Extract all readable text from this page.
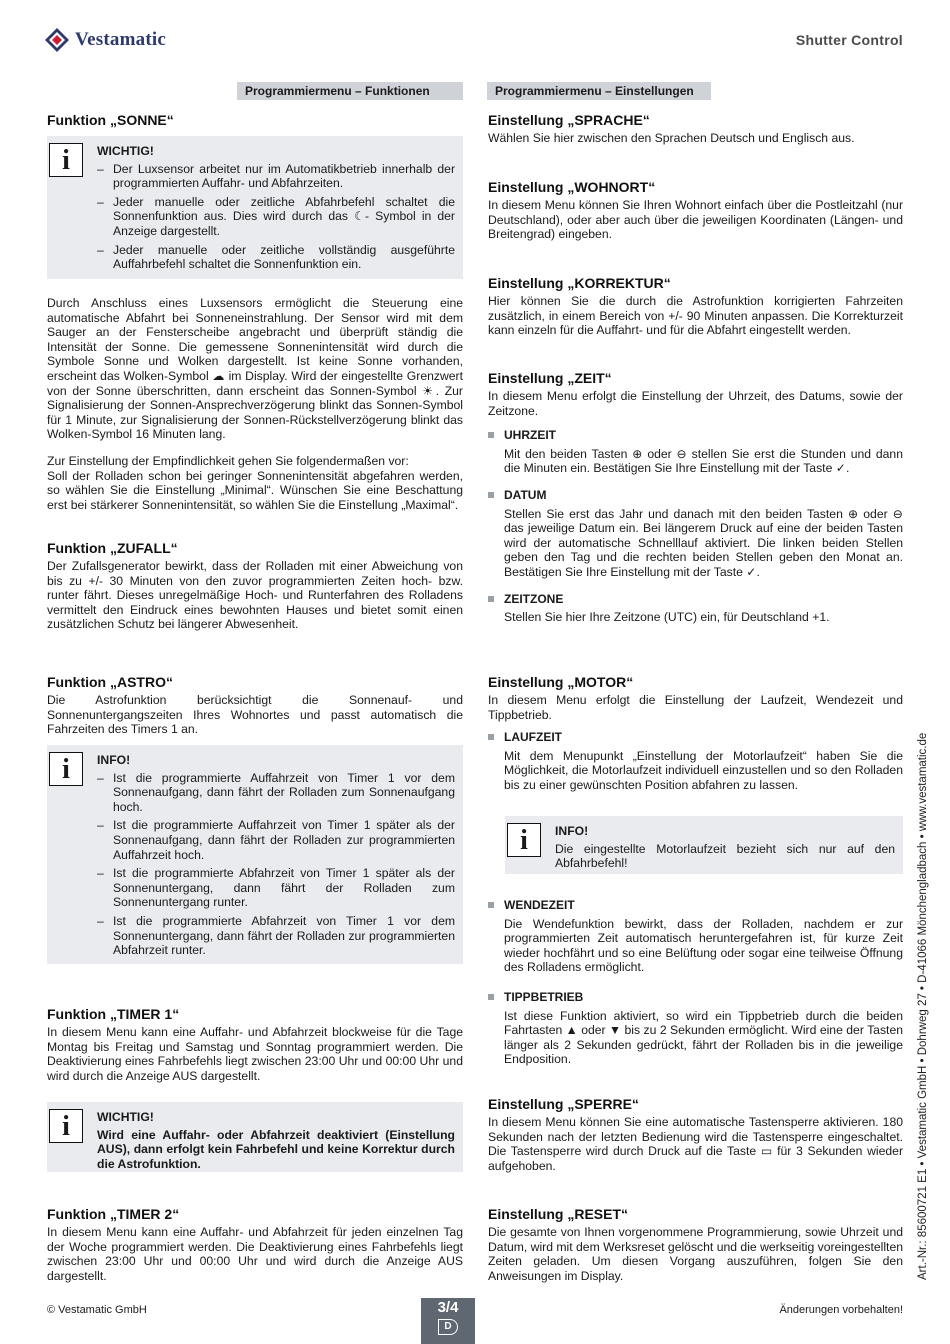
Vestamatic	Shutter Control
Programmiermenu – Funktionen	Programmiermenu – Einstellungen
Funktion „SONNE“
i	WICHTIG!
– Der Luxsensor arbeitet nur im Automatikbetrieb innerhalb der programmierten Auffahr- und Abfahrzeiten.
– Jeder manuelle oder zeitliche Abfahrbefehl schaltet die Sonnenfunktion aus. Dies wird durch das ☾- Symbol in der Anzeige dargestellt.
– Jeder manuelle oder zeitliche vollständig ausgeführte Auffahrbefehl schaltet die Sonnenfunktion ein.

Durch Anschluss eines Luxsensors ermöglicht die Steuerung eine automatische Abfahrt bei Sonneneinstrahlung. Der Sensor wird mit dem Sauger an der Fensterscheibe angebracht und überprüft ständig die Intensität der Sonne. Die gemessene Sonnenintensität wird durch die Symbole Sonne und Wolken dargestellt. Ist keine Sonne vorhanden, erscheint das Wolken-Symbol ☁ im Display. Wird der eingestellte Grenzwert von der Sonne überschritten, dann erscheint das Sonnen-Symbol ☀. Zur Signalisierung der Sonnen-Ansprechverzögerung blinkt das Sonnen-Symbol für 1 Minute, zur Signalisierung der Sonnen-Rückstellverzögerung blinkt das Wolken-Symbol 16 Minuten lang.

Zur Einstellung der Empfindlichkeit gehen Sie folgendermaßen vor:

Soll der Rolladen schon bei geringer Sonnenintensität abgefahren werden, so wählen Sie die Einstellung „Minimal“. Wünschen Sie eine Beschattung erst bei stärkerer Sonnenintensität, so wählen Sie die Einstellung „Maximal“.

Funktion „ZUFALL“

Der Zufallsgenerator bewirkt, dass der Rolladen mit einer Abweichung von bis zu +/- 30 Minuten von den zuvor programmierten Zeiten hoch- bzw. runter fährt. Dieses unregelmäßige Hoch- und Runterfahren des Rolladens vermittelt den Eindruck eines bewohnten Hauses und bietet somit einen zusätzlichen Schutz bei längerer Abwesenheit.

Funktion „ASTRO“

Die Astrofunktion berücksichtigt die Sonnenauf- und Sonnenuntergangszeiten Ihres Wohnortes und passt automatisch die Fahrzeiten des Timers 1 an.

i	INFO!
– Ist die programmierte Auffahrzeit von Timer 1 vor dem Sonnenaufgang, dann fährt der Rolladen zum Sonnenaufgang hoch.
– Ist die programmierte Auffahrzeit von Timer 1 später als der Sonnenaufgang, dann fährt der Rolladen zur programmierten Auffahrzeit hoch.
– Ist die programmierte Abfahrzeit von Timer 1 später als der Sonnenuntergang, dann fährt der Rolladen zum Sonnenuntergang runter.
– Ist die programmierte Abfahrzeit von Timer 1 vor dem Sonnenuntergang, dann fährt der Rolladen zur programmierten Abfahrzeit runter.
Funktion „TIMER 1“

In diesem Menu kann eine Auffahr- und Abfahrzeit blockweise für die Tage Montag bis Freitag und Samstag und Sonntag programmiert werden. Die Deaktivierung eines Fahrbefehls liegt zwischen 23:00 Uhr und 00:00 Uhr und wird durch die Anzeige AUS dargestellt.

i	WICHTIG!

Wird eine Auffahr- oder Abfahrzeit deaktiviert (Einstellung AUS), dann erfolgt kein Fahrbefehl und keine Korrektur durch die Astrofunktion.

Funktion „TIMER 2“

In diesem Menu kann eine Auffahr- und Abfahrzeit für jeden einzelnen Tag der Woche programmiert werden. Die Deaktivierung eines Fahrbefehls liegt zwischen 23:00 Uhr und 00:00 Uhr und wird durch die Anzeige AUS dargestellt.

Einstellung „SPRACHE“

Wählen Sie hier zwischen den Sprachen Deutsch und Englisch aus.

Einstellung „WOHNORT“

In diesem Menu können Sie Ihren Wohnort einfach über die Postleitzahl (nur Deutschland), oder aber auch über die jeweiligen Koordinaten (Längen- und Breitengrad) eingeben.

Einstellung „KORREKTUR“

Hier können Sie die durch die Astrofunktion korrigierten Fahrzeiten zusätzlich, in einem Bereich von +/- 90 Minuten anpassen. Die Korrekturzeit kann einzeln für die Auffahrt- und für die Abfahrt eingestellt werden.

Einstellung „ZEIT“

In diesem Menu erfolgt die Einstellung der Uhrzeit, des Datums, sowie der Zeitzone.

UHRZEIT

Mit den beiden Tasten ⊕ oder ⊖ stellen Sie erst die Stunden und dann die Minuten ein. Bestätigen Sie Ihre Einstellung mit der Taste ✓.

DATUM

Stellen Sie erst das Jahr und danach mit den beiden Tasten ⊕ oder ⊖ das jeweilige Datum ein. Bei längerem Druck auf eine der beiden Tasten wird der automatische Schnelllauf aktiviert. Die linken beiden Stellen geben den Tag und die rechten beiden Stellen geben den Monat an. Bestätigen Sie Ihre Einstellung mit der Taste ✓.

ZEITZONE

Stellen Sie hier Ihre Zeitzone (UTC) ein, für Deutschland +1.

Einstellung „MOTOR“

In diesem Menu erfolgt die Einstellung der Laufzeit, Wendezeit und Tippbetrieb.

LAUFZEIT

Mit dem Menupunkt „Einstellung der Motorlaufzeit“ haben Sie die Möglichkeit, die Motorlaufzeit individuell einzustellen und so den Rolladen bis zu einer gewünschten Position abfahren zu lassen.

i	INFO!

Die eingestellte Motorlaufzeit bezieht sich nur auf den Abfahrbefehl!

WENDEZEIT

Die Wendefunktion bewirkt, dass der Rolladen, nachdem er zur programmierten Zeit automatisch heruntergefahren ist, für kurze Zeit wieder hochfährt und so eine Belüftung oder sogar eine teilweise Öffnung des Rolladens ermöglicht.

TIPPBETRIEB

Ist diese Funktion aktiviert, so wird ein Tippbetrieb durch die beiden Fahrtasten ▲ oder ▼ bis zu 2 Sekunden ermöglicht. Wird eine der Tasten länger als 2 Sekunden gedrückt, fährt der Rolladen bis in die jeweilige Endposition.

Einstellung „SPERRE“

In diesem Menu können Sie eine automatische Tastensperre aktivieren. 180 Sekunden nach der letzten Bedienung wird die Tastensperre eingeschaltet. Die Tastensperre wird durch Druck auf die Taste ▭ für 3 Sekunden wieder aufgehoben.

Einstellung „RESET“

Die gesamte von Ihnen vorgenommene Programmierung, sowie Uhrzeit und Datum, wird mit dem Werksreset gelöscht und die werkseitig voreingestellten Zeiten geladen. Um diesen Vorgang auszuführen, folgen Sie den Anweisungen im Display.

© Vestamatic GmbH	Änderungen vorbehalten!
3/4
D
Art.-Nr.: 85600721 E1 • Vestamatic GmbH • Dohrweg 27 • D-41066 Mönchengladbach • www.vestamatic.de
